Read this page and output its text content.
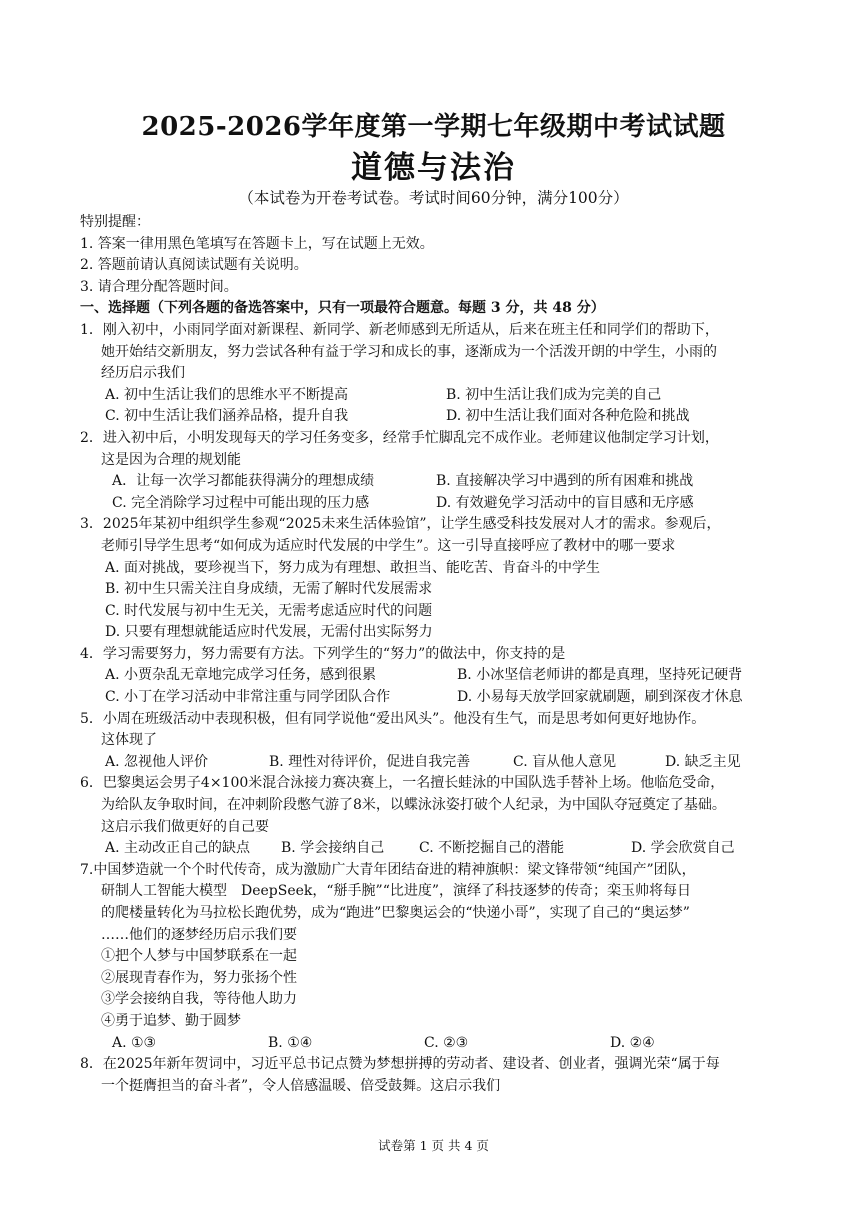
2025-2026学年度第一学期七年级期中考试试题
道德与法治
（本试卷为开卷考试卷。考试时间60分钟，满分100分）
特别提醒：
1. 答案一律用黑色笔填写在答题卡上，写在试题上无效。
2. 答题前请认真阅读试题有关说明。
3. 请合理分配答题时间。
一、选择题（下列各题的备选答案中，只有一项最符合题意。每题 3 分，共 48 分）
1．刚入初中，小雨同学面对新课程、新同学、新老师感到无所适从，后来在班主任和同学们的帮助下，
她开始结交新朋友，努力尝试各种有益于学习和成长的事，逐渐成为一个活泼开朗的中学生，小雨的
经历启示我们
A. 初中生活让我们的思维水平不断提高	B. 初中生活让我们成为完美的自己
C. 初中生活让我们涵养品格，提升自我	D. 初中生活让我们面对各种危险和挑战
2．进入初中后，小明发现每天的学习任务变多，经常手忙脚乱完不成作业。老师建议他制定学习计划，
这是因为合理的规划能
A．让每一次学习都能获得满分的理想成绩	B. 直接解决学习中遇到的所有困难和挑战
C. 完全消除学习过程中可能出现的压力感	D. 有效避免学习活动中的盲目感和无序感
3．2025年某初中组织学生参观“2025未来生活体验馆”，让学生感受科技发展对人才的需求。参观后，
老师引导学生思考“如何成为适应时代发展的中学生”。这一引导直接呼应了教材中的哪一要求
A. 面对挑战，要珍视当下，努力成为有理想、敢担当、能吃苦、肯奋斗的中学生
B. 初中生只需关注自身成绩，无需了解时代发展需求
C. 时代发展与初中生无关，无需考虑适应时代的问题
D. 只要有理想就能适应时代发展，无需付出实际努力
4．学习需要努力，努力需要有方法。下列学生的“努力”的做法中，你支持的是
A. 小贾杂乱无章地完成学习任务，感到很累	B. 小冰坚信老师讲的都是真理，坚持死记硬背
C. 小丁在学习活动中非常注重与同学团队合作	D. 小易每天放学回家就刷题，刷到深夜才休息
5．小周在班级活动中表现积极，但有同学说他“爱出风头”。他没有生气，而是思考如何更好地协作。
这体现了
A. 忽视他人评价	B. 理性对待评价，促进自我完善	C. 盲从他人意见	D. 缺乏主见
6．巴黎奥运会男子4×100米混合泳接力赛决赛上，一名擅长蛙泳的中国队选手替补上场。他临危受命，
为给队友争取时间，在冲刺阶段憋气游了8米，以蝶泳泳姿打破个人纪录，为中国队夺冠奠定了基础。
这启示我们做更好的自己要
A. 主动改正自己的缺点	B. 学会接纳自己	C. 不断挖掘自己的潜能	D. 学会欣赏自己
7.中国梦造就一个个时代传奇，成为激励广大青年团结奋进的精神旗帜：梁文锋带领“纯国产”团队，
研制人工智能大模型　DeepSeek，“掰手腕”“比进度”，演绎了科技逐梦的传奇；栾玉帅将每日
的爬楼量转化为马拉松长跑优势，成为“跑进”巴黎奥运会的“快递小哥”，实现了自己的“奥运梦”
……他们的逐梦经历启示我们要
①把个人梦与中国梦联系在一起
②展现青春作为，努力张扬个性
③学会接纳自我，等待他人助力
④勇于追梦、勤于圆梦
A. ①③	B. ①④	C. ②③	D. ②④
8．在2025年新年贺词中，习近平总书记点赞为梦想拼搏的劳动者、建设者、创业者，强调光荣“属于每
一个挺膺担当的奋斗者”，令人倍感温暖、倍受鼓舞。这启示我们
试卷第 1 页 共 4 页
